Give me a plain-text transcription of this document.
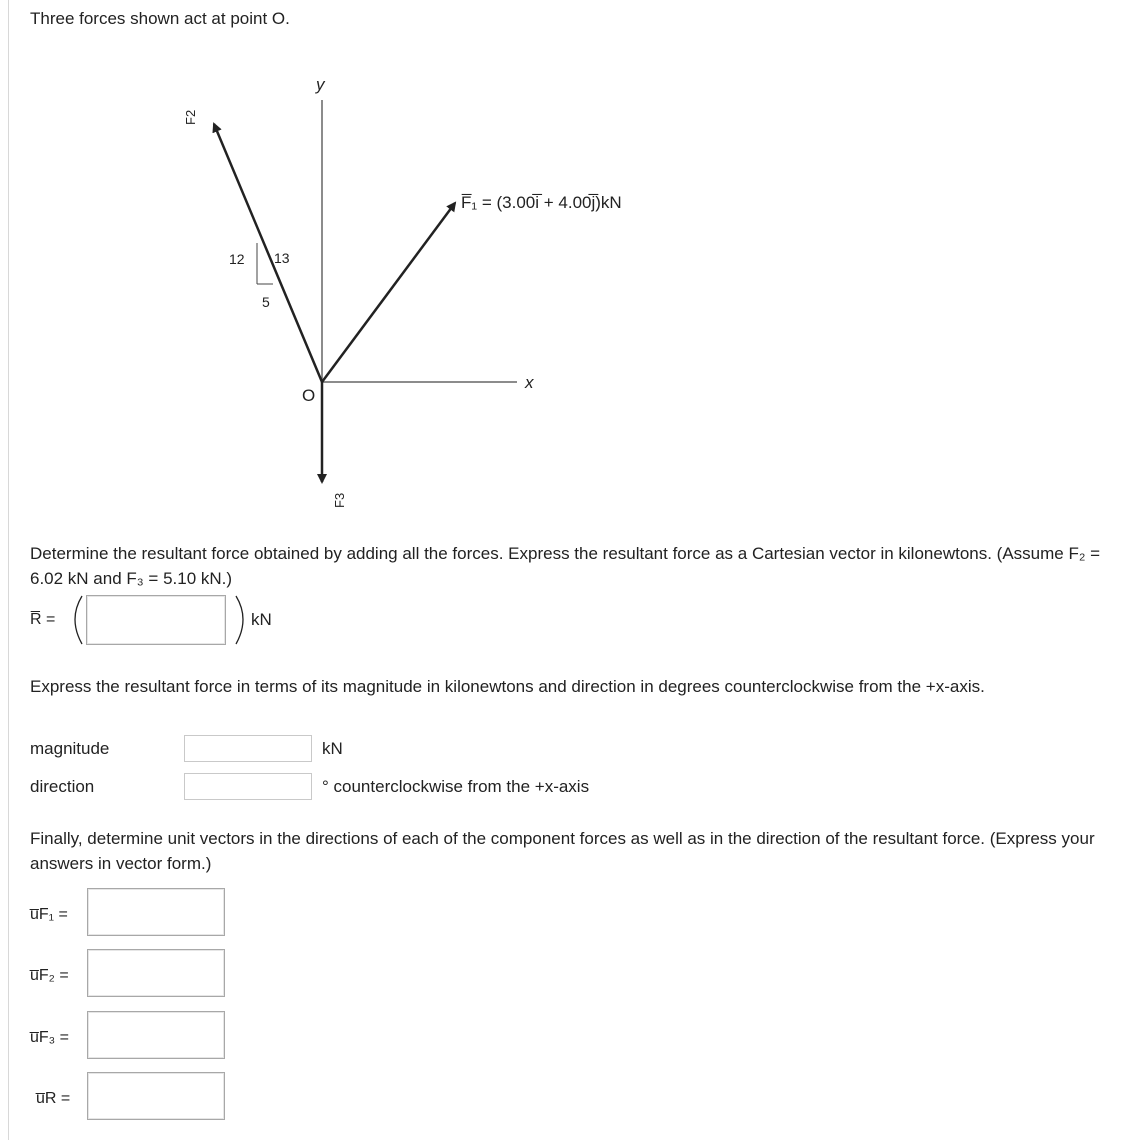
Three forces shown act at point O.
y
x
O
F2
F3
F̅₁ = (3.00i̅ + 4.00j̅)kN
12 13
5
Determine the resultant force obtained by adding all the forces. Express the resultant force as a Cartesian vector in kilonewtons. (Assume F₂ = 6.02 kN and F₃ = 5.10 kN.)
R̅ =	kN
Express the resultant force in terms of its magnitude in kilonewtons and direction in degrees counterclockwise from the +x-axis.
magnitude	kN
direction	° counterclockwise from the +x-axis
Finally, determine unit vectors in the directions of each of the component forces as well as in the direction of the resultant force. (Express your answers in vector form.)
u̅F₁ =
u̅F₂ =
u̅F₃ =
u̅R =
